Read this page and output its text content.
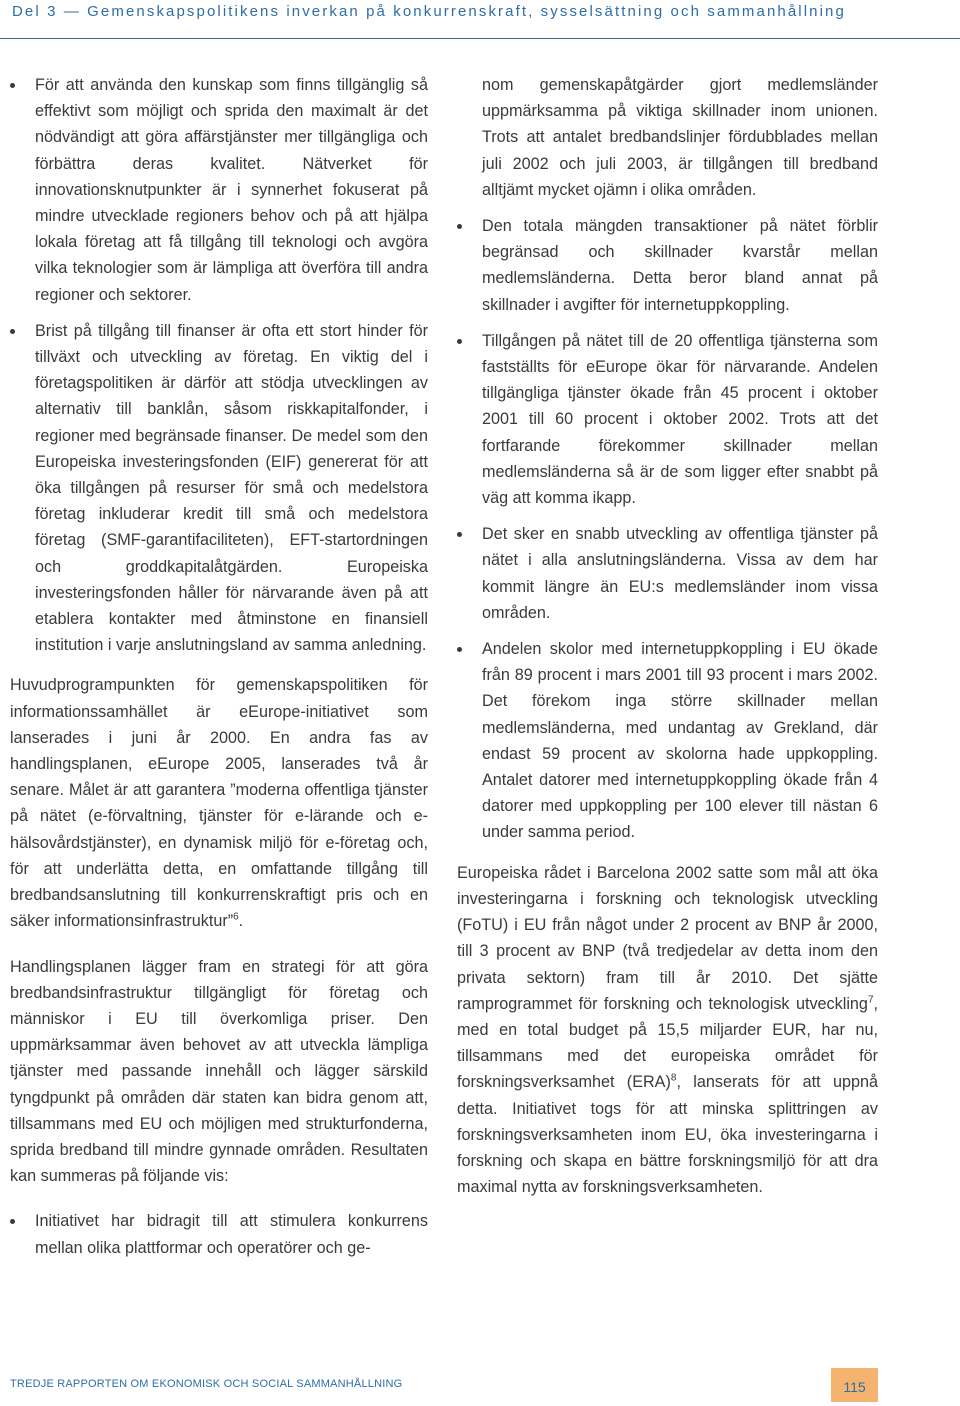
Del 3 — Gemenskapspolitikens inverkan på konkurrenskraft, sysselsättning och sammanhållning
För att använda den kunskap som finns tillgänglig så effektivt som möjligt och sprida den maximalt är det nödvändigt att göra affärstjänster mer tillgängliga och förbättra deras kvalitet. Nätverket för innovationsknutpunkter är i synnerhet fokuserat på mindre utvecklade regioners behov och på att hjälpa lokala företag att få tillgång till teknologi och avgöra vilka teknologier som är lämpliga att överföra till andra regioner och sektorer.
Brist på tillgång till finanser är ofta ett stort hinder för tillväxt och utveckling av företag. En viktig del i företagspolitiken är därför att stödja utvecklingen av alternativ till banklån, såsom riskkapitalfonder, i regioner med begränsade finanser. De medel som den Europeiska investeringsfonden (EIF) genererat för att öka tillgången på resurser för små och medelstora företag inkluderar kredit till små och medelstora företag (SMF-garantifaciliteten), EFT-startordningen och groddkapitalåtgärden. Europeiska investeringsfonden håller för närvarande även på att etablera kontakter med åtminstone en finansiell institution i varje anslutningsland av samma anledning.

Huvudprogrampunkten för gemenskapspolitiken för informationssamhället är eEurope-initiativet som lanserades i juni år 2000. En andra fas av handlingsplanen, eEurope 2005, lanserades två år senare. Målet är att garantera ”moderna offentliga tjänster på nätet (e-förvaltning, tjänster för e-lärande och e-hälsovårdstjänster), en dynamisk miljö för e-företag och, för att underlätta detta, en omfattande tillgång till bredbandsanslutning till konkurrenskraftigt pris och en säker informationsinfrastruktur”$^6$.

Handlingsplanen lägger fram en strategi för att göra bredbandsinfrastruktur tillgängligt för företag och människor i EU till överkomliga priser. Den uppmärksammar även behovet av att utveckla lämpliga tjänster med passande innehåll och lägger särskild tyngdpunkt på områden där staten kan bidra genom att, tillsammans med EU och möjligen med strukturfonderna, sprida bredband till mindre gynnade områden. Resultaten kan summeras på följande vis:

Initiativet har bidragit till att stimulera konkurrens mellan olika plattformar och operatörer och ge-
nom gemenskapåtgärder gjort medlemsländer uppmärksamma på viktiga skillnader inom unionen. Trots att antalet bredbandslinjer fördubblades mellan juli 2002 och juli 2003, är tillgången till bredband alltjämt mycket ojämn i olika områden.
Den totala mängden transaktioner på nätet förblir begränsad och skillnader kvarstår mellan medlemsländerna. Detta beror bland annat på skillnader i avgifter för internetuppkoppling.
Tillgången på nätet till de 20 offentliga tjänsterna som fastställts för eEurope ökar för närvarande. Andelen tillgängliga tjänster ökade från 45 procent i oktober 2001 till 60 procent i oktober 2002. Trots att det fortfarande förekommer skillnader mellan medlemsländerna så är de som ligger efter snabbt på väg att komma ikapp.
Det sker en snabb utveckling av offentliga tjänster på nätet i alla anslutningsländerna. Vissa av dem har kommit längre än EU:s medlemsländer inom vissa områden.
Andelen skolor med internetuppkoppling i EU ökade från 89 procent i mars 2001 till 93 procent i mars 2002. Det förekom inga större skillnader mellan medlemsländerna, med undantag av Grekland, där endast 59 procent av skolorna hade uppkoppling. Antalet datorer med internetuppkoppling ökade från 4 datorer med uppkoppling per 100 elever till nästan 6 under samma period.

Europeiska rådet i Barcelona 2002 satte som mål att öka investeringarna i forskning och teknologisk utveckling (FoTU) i EU från något under 2 procent av BNP år 2000, till 3 procent av BNP (två tredjedelar av detta inom den privata sektorn) fram till år 2010. Det sjätte ramprogrammet för forskning och teknologisk utveckling$^7$, med en total budget på 15,5 miljarder EUR, har nu, tillsammans med det europeiska området för forskningsverksamhet (ERA)$^8$, lanserats för att uppnå detta. Initiativet togs för att minska splittringen av forskningsverksamheten inom EU, öka investeringarna i forskning och skapa en bättre forskningsmiljö för att dra maximal nytta av forskningsverksamheten.

TREDJE RAPPORTEN OM EKONOMISK OCH SOCIAL SAMMANHÅLLNING	115
